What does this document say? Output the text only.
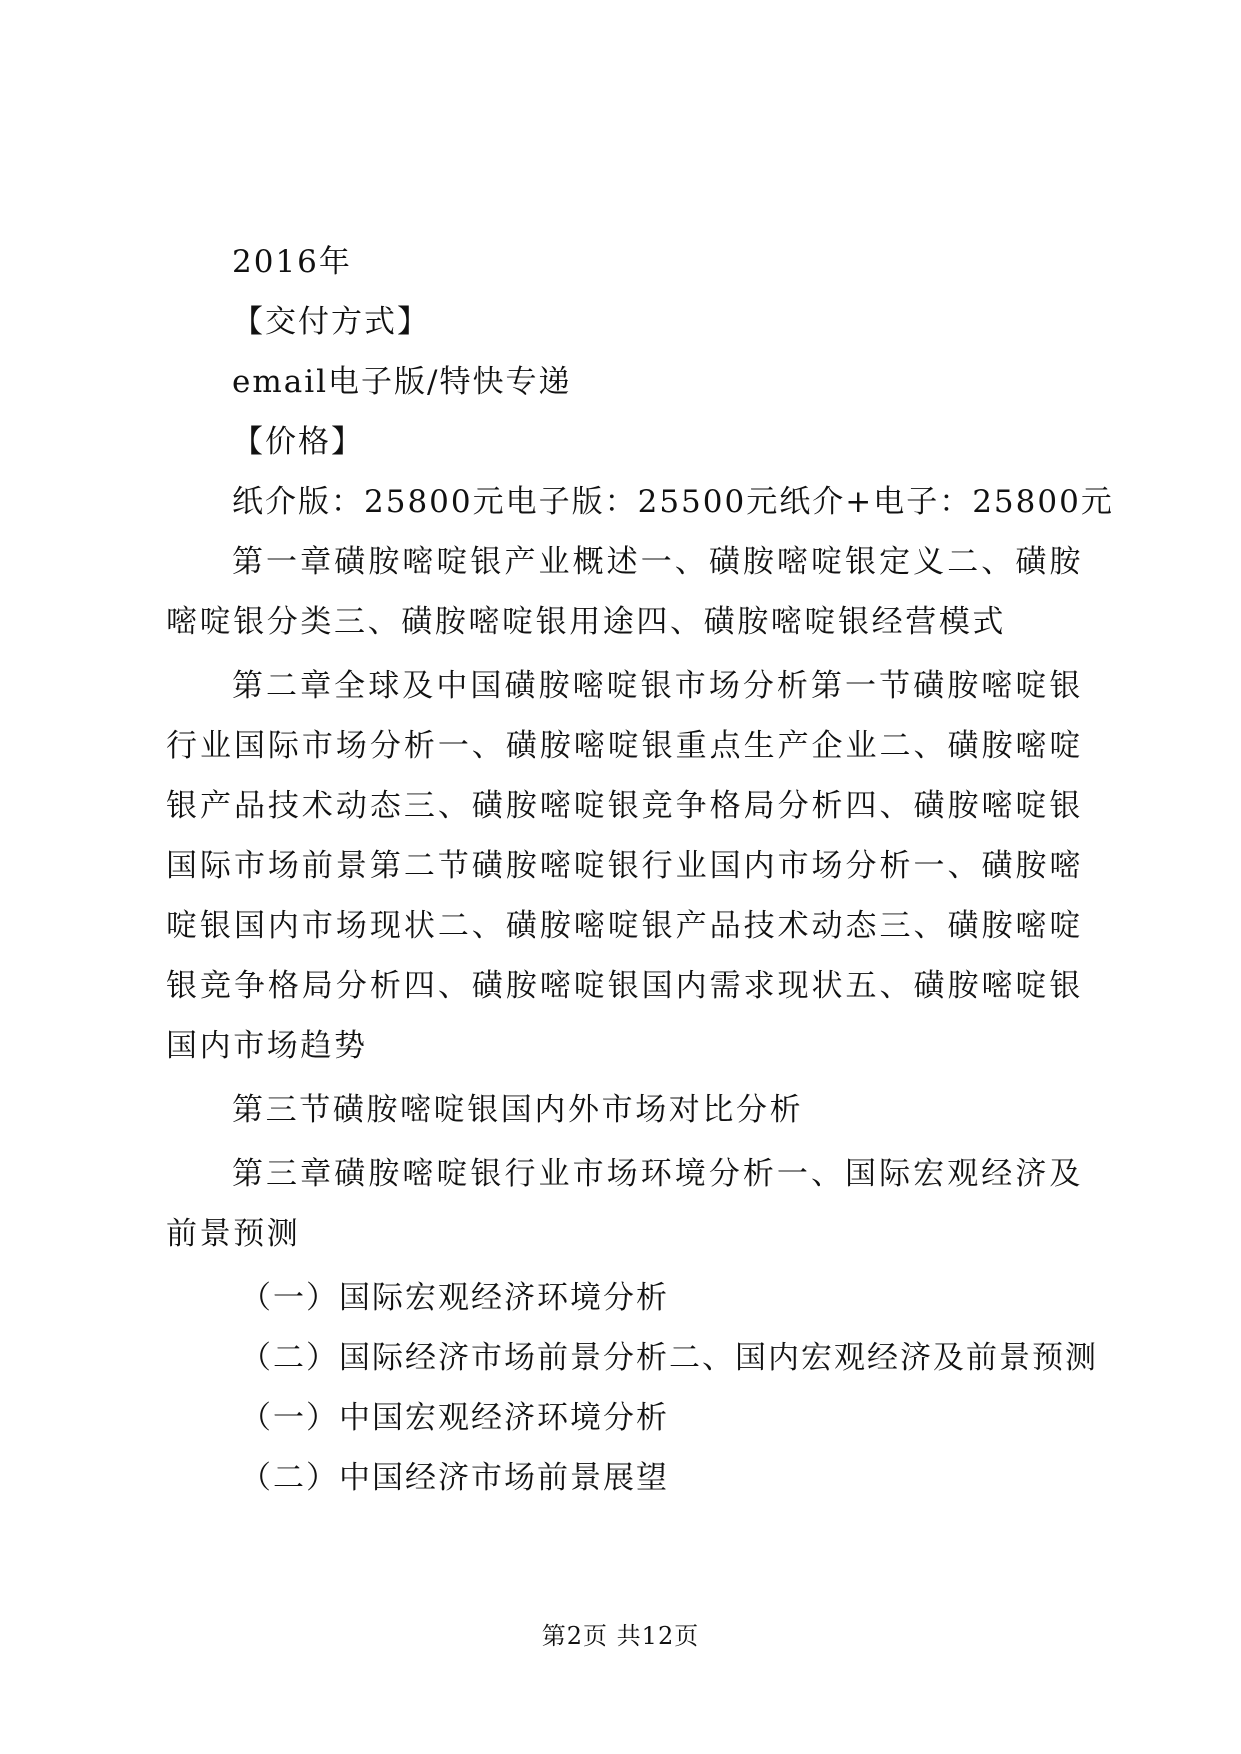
2016年

【交付方式】

email电子版/特快专递

【价格】

纸介版：25800元电子版：25500元纸介+电子：25800元

第一章磺胺嘧啶银产业概述一、磺胺嘧啶银定义二、磺胺嘧啶银分类三、磺胺嘧啶银用途四、磺胺嘧啶银经营模式

第二章全球及中国磺胺嘧啶银市场分析第一节磺胺嘧啶银行业国际市场分析一、磺胺嘧啶银重点生产企业二、磺胺嘧啶银产品技术动态三、磺胺嘧啶银竞争格局分析四、磺胺嘧啶银国际市场前景第二节磺胺嘧啶银行业国内市场分析一、磺胺嘧啶银国内市场现状二、磺胺嘧啶银产品技术动态三、磺胺嘧啶银竞争格局分析四、磺胺嘧啶银国内需求现状五、磺胺嘧啶银国内市场趋势

第三节磺胺嘧啶银国内外市场对比分析

第三章磺胺嘧啶银行业市场环境分析一、国际宏观经济及前景预测

（一）国际宏观经济环境分析

（二）国际经济市场前景分析二、国内宏观经济及前景预测

（一）中国宏观经济环境分析

（二）中国经济市场前景展望

第2页 共12页
